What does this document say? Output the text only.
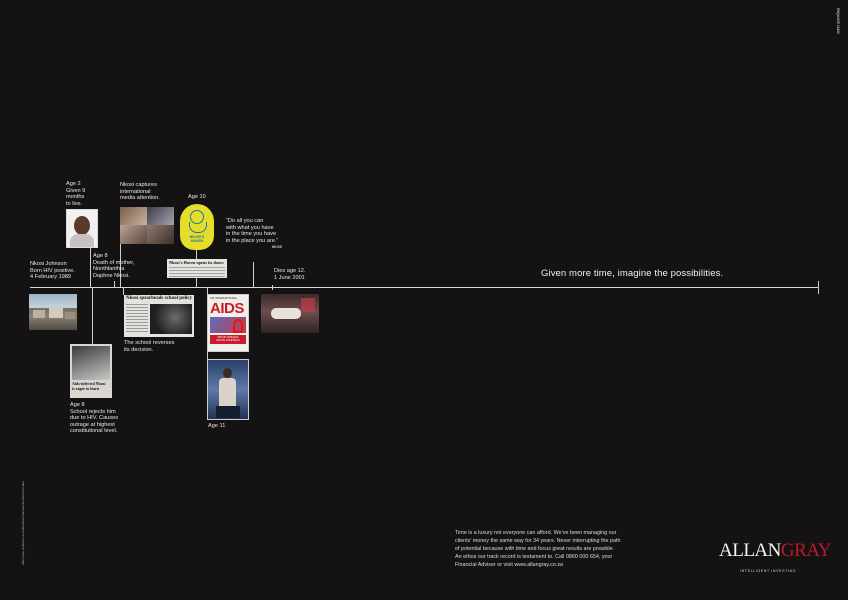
ENQUARE 13490
Allan Gray Limited is an authorised Financial Services Provider.
Nkosi Johnson
Born HIV positive.
4 February 1989
Age 2
Given 9
months
to live.
Aids-infected Nkosi
is eager to learn
Age 8
School rejects him
due to HIV. Causes
outrage at highest
constitutional level.
Age 8
Death of mother,
Nonthlanthla
Daphne Nkosi.
Nkosi captures
international
media attention.
Nkosi spearheads school policy
The school reverses
its decision.
Nkosi's Haven opens its doors
Age 10
NKOSI'S
HAVEN
XIII INTERNATIONAL
AIDS
NKOSI SPEAKS
NKOSI JOHNSON
Age 11
“Do all you can
with what you have
in the time you have
in the place you are.”
NKOSI
Dies age 12.
1 June 2001	Given more time, imagine the possibilities.
Time is a luxury not everyone can afford. We’ve been managing our
clients’ money the same way for 34 years. Never interrupting the path
of potential because with time and focus great results are possible.
An ethos our track record is testament to. Call 0860 000 654, your
Financial Adviser or visit www.allangray.co.za
ALLANGRAY
INTELLIGENT INVESTING
